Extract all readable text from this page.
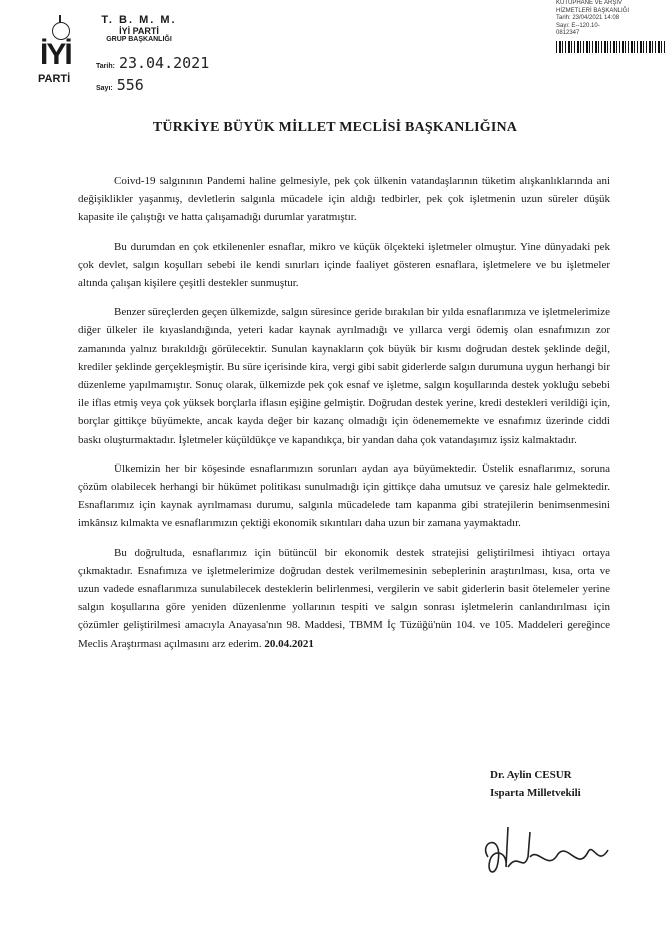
İYİ
PARTİ
T. B. M. M.
İYİ PARTİ
GRUP BAŞKANLIĞI
Tarih: 23.04.2021
Sayı: 556
KÜTÜPHANE VE ARŞİV
HİZMETLERİ BAŞKANLIĞI
Tarih: 23/04/2021 14:08
Sayı: E--120.10-
0812347
TÜRKİYE BÜYÜK MİLLET MECLİSİ BAŞKANLIĞINA

Coivd-19 salgınının Pandemi haline gelmesiyle, pek çok ülkenin vatandaşlarının tüketim alışkanlıklarında ani değişiklikler yaşanmış, devletlerin salgınla mücadele için aldığı tedbirler, pek çok işletmenin uzun süreler düşük kapasite ile çalıştığı ve hatta çalışamadığı durumlar yaratmıştır.

Bu durumdan en çok etkilenenler esnaflar, mikro ve küçük ölçekteki işletmeler olmuştur. Yine dünyadaki pek çok devlet, salgın koşulları sebebi ile kendi sınırları içinde faaliyet gösteren esnaflara, işletmelere ve bu işletmeler altında çalışan kişilere çeşitli destekler sunmuştur.

Benzer süreçlerden geçen ülkemizde, salgın süresince geride bırakılan bir yılda esnaflarımıza ve işletmelerimize diğer ülkeler ile kıyaslandığında, yeteri kadar kaynak ayrılmadığı ve yıllarca vergi ödemiş olan esnafımızın zor zamanında yalnız bırakıldığı görülecektir. Sunulan kaynakların çok büyük bir kısmı doğrudan destek şeklinde değil, krediler şeklinde gerçekleşmiştir. Bu süre içerisinde kira, vergi gibi sabit giderlerde salgın durumuna uygun herhangi bir düzenleme yapılmamıştır. Sonuç olarak, ülkemizde pek çok esnaf ve işletme, salgın koşullarında destek yokluğu sebebi ile iflas etmiş veya çok yüksek borçlarla iflasın eşiğine gelmiştir. Doğrudan destek yerine, kredi destekleri verildiği için, borçlar gittikçe büyümekte, ancak kayda değer bir kazanç olmadığı için ödenememekte ve esnafımız üzerinde ciddi baskı oluşturmaktadır. İşletmeler küçüldükçe ve kapandıkça, bir yandan daha çok vatandaşımız işsiz kalmaktadır.

Ülkemizin her bir köşesinde esnaflarımızın sorunları aydan aya büyümektedir. Üstelik esnaflarımız, soruna çözüm olabilecek herhangi bir hükümet politikası sunulmadığı için gittikçe daha umutsuz ve çaresiz hale gelmektedir. Esnaflarımız için kaynak ayrılmaması durumu, salgınla mücadelede tam kapanma gibi stratejilerin benimsenmesini imkânsız kılmakta ve esnaflarımızın çektiği ekonomik sıkıntıları daha uzun bir zamana yaymaktadır.

Bu doğrultuda, esnaflarımız için bütüncül bir ekonomik destek stratejisi geliştirilmesi ihtiyacı ortaya çıkmaktadır. Esnafımıza ve işletmelerimize doğrudan destek verilmemesinin sebeplerinin araştırılması, kısa, orta ve uzun vadede esnaflarımıza sunulabilecek desteklerin belirlenmesi, vergilerin ve sabit giderlerin basit ötelemeler yerine salgın koşullarına göre yeniden düzenlenme yollarının tespiti ve salgın sonrası işletmelerin canlandırılması için çözümler geliştirilmesi amacıyla Anayasa'nın 98. Maddesi, TBMM İç Tüzüğü'nün 104. ve 105. Maddeleri gereğince Meclis Araştırması açılmasını arz ederim. 20.04.2021

Dr. Aylin CESUR
Isparta Milletvekili
